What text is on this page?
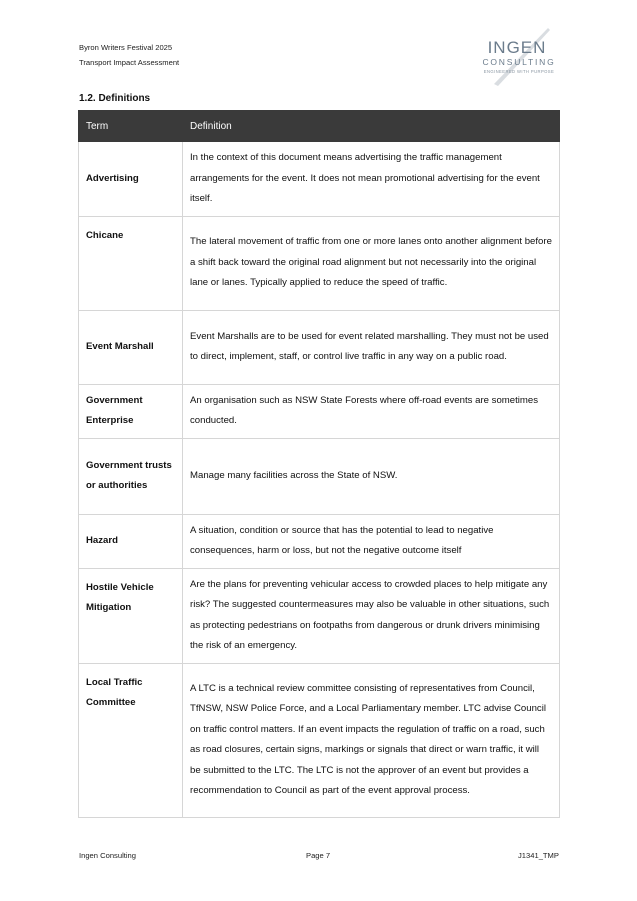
Byron Writers Festival 2025
Transport Impact Assessment
INGEN
CONSULTING
ENGINEERED WITH PURPOSE
1.2. Definitions
Term	Definition
Advertising	In the context of this document means advertising the traffic management arrangements for the event. It does not mean promotional advertising for the event itself.
Chicane	The lateral movement of traffic from one or more lanes onto another alignment before a shift back toward the original road alignment but not necessarily into the original lane or lanes. Typically applied to reduce the speed of traffic.
Event Marshall	Event Marshalls are to be used for event related marshalling. They must not be used to direct, implement, staff, or control live traffic in any way on a public road.
Government Enterprise	An organisation such as NSW State Forests where off-road events are sometimes conducted.
Government trusts or authorities	Manage many facilities across the State of NSW.
Hazard	A situation, condition or source that has the potential to lead to negative consequences, harm or loss, but not the negative outcome itself
Hostile Vehicle Mitigation	Are the plans for preventing vehicular access to crowded places to help mitigate any risk? The suggested countermeasures may also be valuable in other situations, such as protecting pedestrians on footpaths from dangerous or drunk drivers minimising the risk of an emergency.
Local Traffic Committee	A LTC is a technical review committee consisting of representatives from Council, TfNSW, NSW Police Force, and a Local Parliamentary member. LTC advise Council on traffic control matters. If an event impacts the regulation of traffic on a road, such as road closures, certain signs, markings or signals that direct or warn traffic, it will be submitted to the LTC. The LTC is not the approver of an event but provides a recommendation to Council as part of the event approval process.
Ingen Consulting	Page 7	J1341_TMP
